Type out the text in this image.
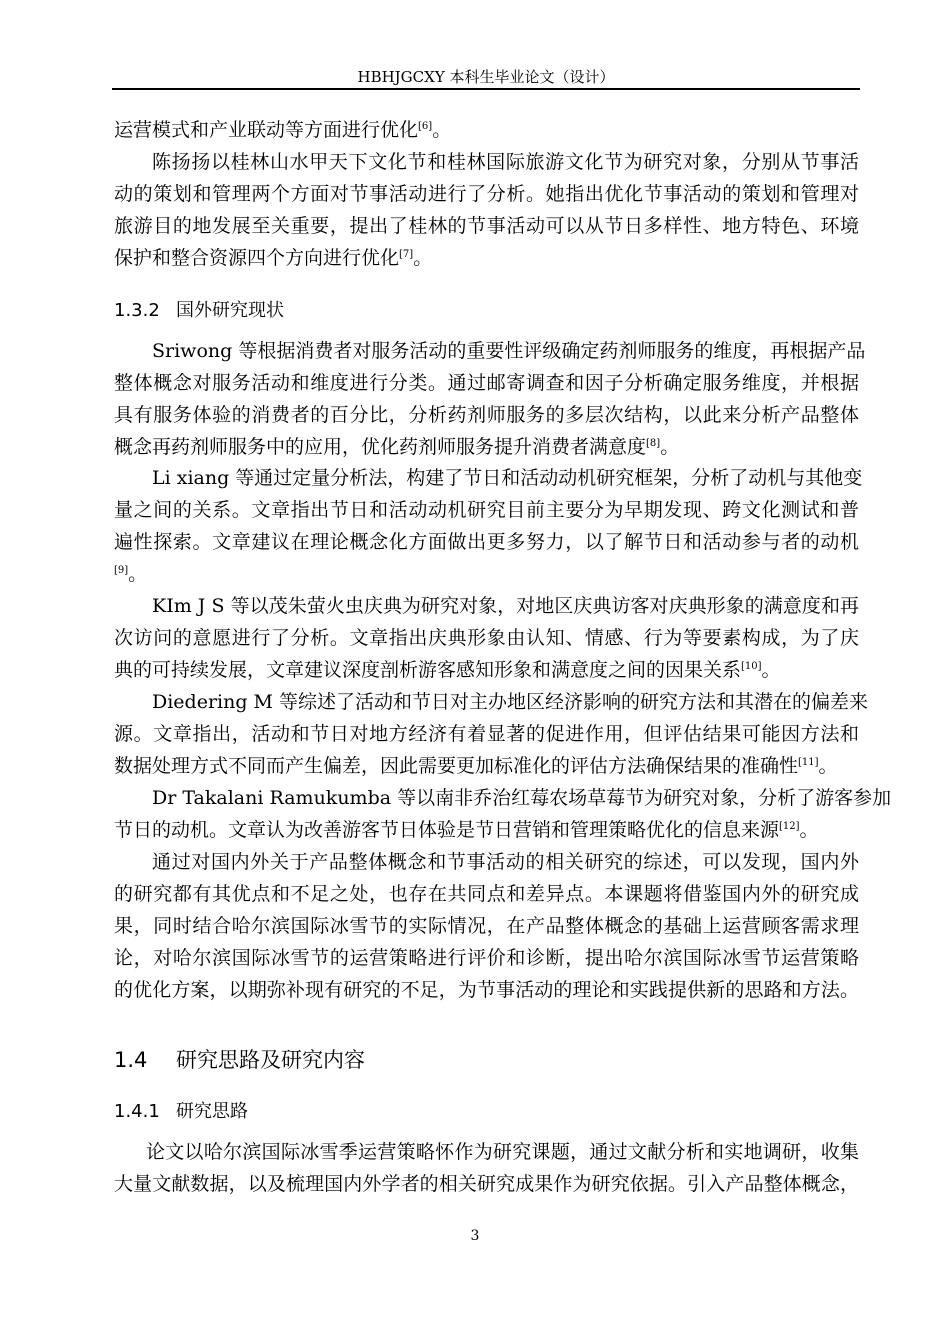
HBHJGCXY 本科生毕业论文（设计）
运营模式和产业联动等方面进行优化[6]。
陈扬扬以桂林山水甲天下文化节和桂林国际旅游文化节为研究对象，分别从节事活
动的策划和管理两个方面对节事活动进行了分析。她指出优化节事活动的策划和管理对
旅游目的地发展至关重要，提出了桂林的节事活动可以从节日多样性、地方特色、环境
保护和整合资源四个方向进行优化[7]。
1.3.2 国外研究现状
Sriwong 等根据消费者对服务活动的重要性评级确定药剂师服务的维度，再根据产品
整体概念对服务活动和维度进行分类。通过邮寄调查和因子分析确定服务维度，并根据
具有服务体验的消费者的百分比，分析药剂师服务的多层次结构，以此来分析产品整体
概念再药剂师服务中的应用，优化药剂师服务提升消费者满意度[8]。
Li xiang 等通过定量分析法，构建了节日和活动动机研究框架，分析了动机与其他变
量之间的关系。文章指出节日和活动动机研究目前主要分为早期发现、跨文化测试和普
遍性探索。文章建议在理论概念化方面做出更多努力，以了解节日和活动参与者的动机
[9]。
KIm J S 等以茂朱萤火虫庆典为研究对象，对地区庆典访客对庆典形象的满意度和再
次访问的意愿进行了分析。文章指出庆典形象由认知、情感、行为等要素构成，为了庆
典的可持续发展，文章建议深度剖析游客感知形象和满意度之间的因果关系[10]。
Diedering M 等综述了活动和节日对主办地区经济影响的研究方法和其潜在的偏差来
源。文章指出，活动和节日对地方经济有着显著的促进作用，但评估结果可能因方法和
数据处理方式不同而产生偏差，因此需要更加标准化的评估方法确保结果的准确性[11]。
Dr Takalani Ramukumba 等以南非乔治红莓农场草莓节为研究对象，分析了游客参加
节日的动机。文章认为改善游客节日体验是节日营销和管理策略优化的信息来源[12]。
通过对国内外关于产品整体概念和节事活动的相关研究的综述，可以发现，国内外
的研究都有其优点和不足之处，也存在共同点和差异点。本课题将借鉴国内外的研究成
果，同时结合哈尔滨国际冰雪节的实际情况，在产品整体概念的基础上运营顾客需求理
论，对哈尔滨国际冰雪节的运营策略进行评价和诊断，提出哈尔滨国际冰雪节运营策略
的优化方案，以期弥补现有研究的不足，为节事活动的理论和实践提供新的思路和方法。
1.4 研究思路及研究内容
1.4.1 研究思路
论文以哈尔滨国际冰雪季运营策略怀作为研究课题，通过文献分析和实地调研，收集
大量文献数据，以及梳理国内外学者的相关研究成果作为研究依据。引入产品整体概念，
3
